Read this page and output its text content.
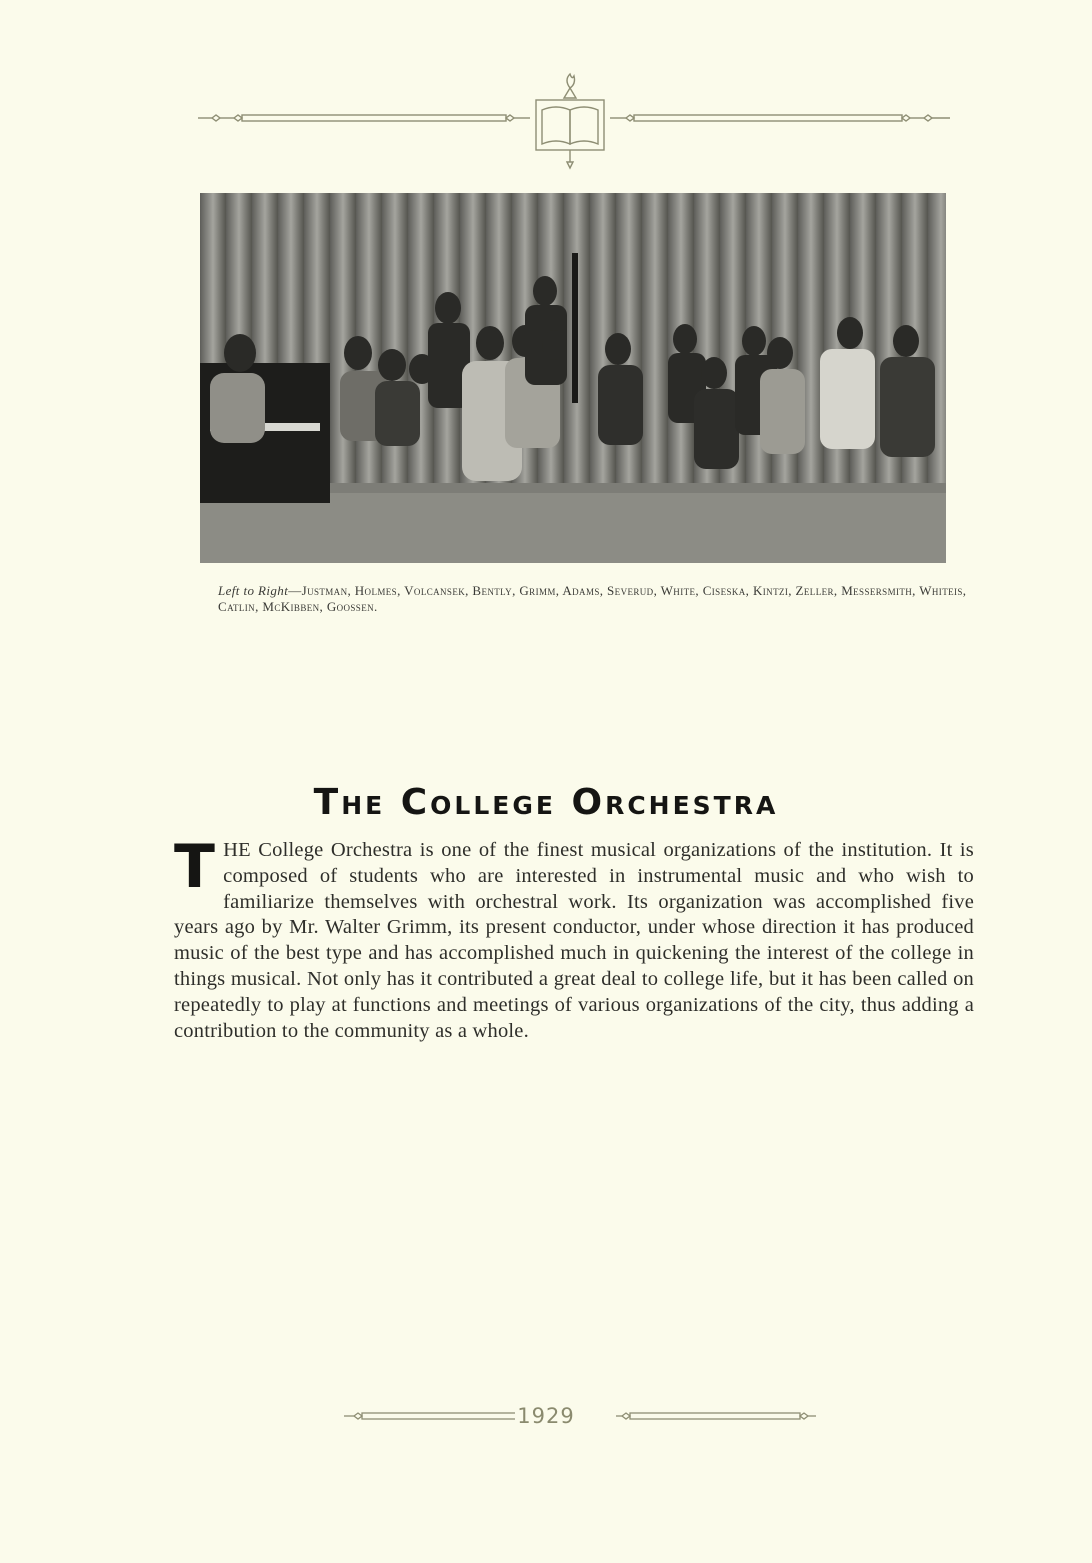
Left to Right—Justman, Holmes, Volcansek, Bently, Grimm, Adams, Severud, White, Ciseska, Kintzi, Zeller, Messersmith, Whiteis, Catlin, McKibben, Goossen.
The College Orchestra
THE College Orchestra is one of the finest musical organizations of the institution. It is composed of students who are interested in instrumental music and who wish to familiarize themselves with orchestral work. Its organization was accomplished five years ago by Mr. Walter Grimm, its present conductor, under whose direction it has produced music of the best type and has accomplished much in quickening the interest of the college in things musical. Not only has it contributed a great deal to college life, but it has been called on repeatedly to play at functions and meetings of various organizations of the city, thus adding a contribution to the community as a whole.
1929
